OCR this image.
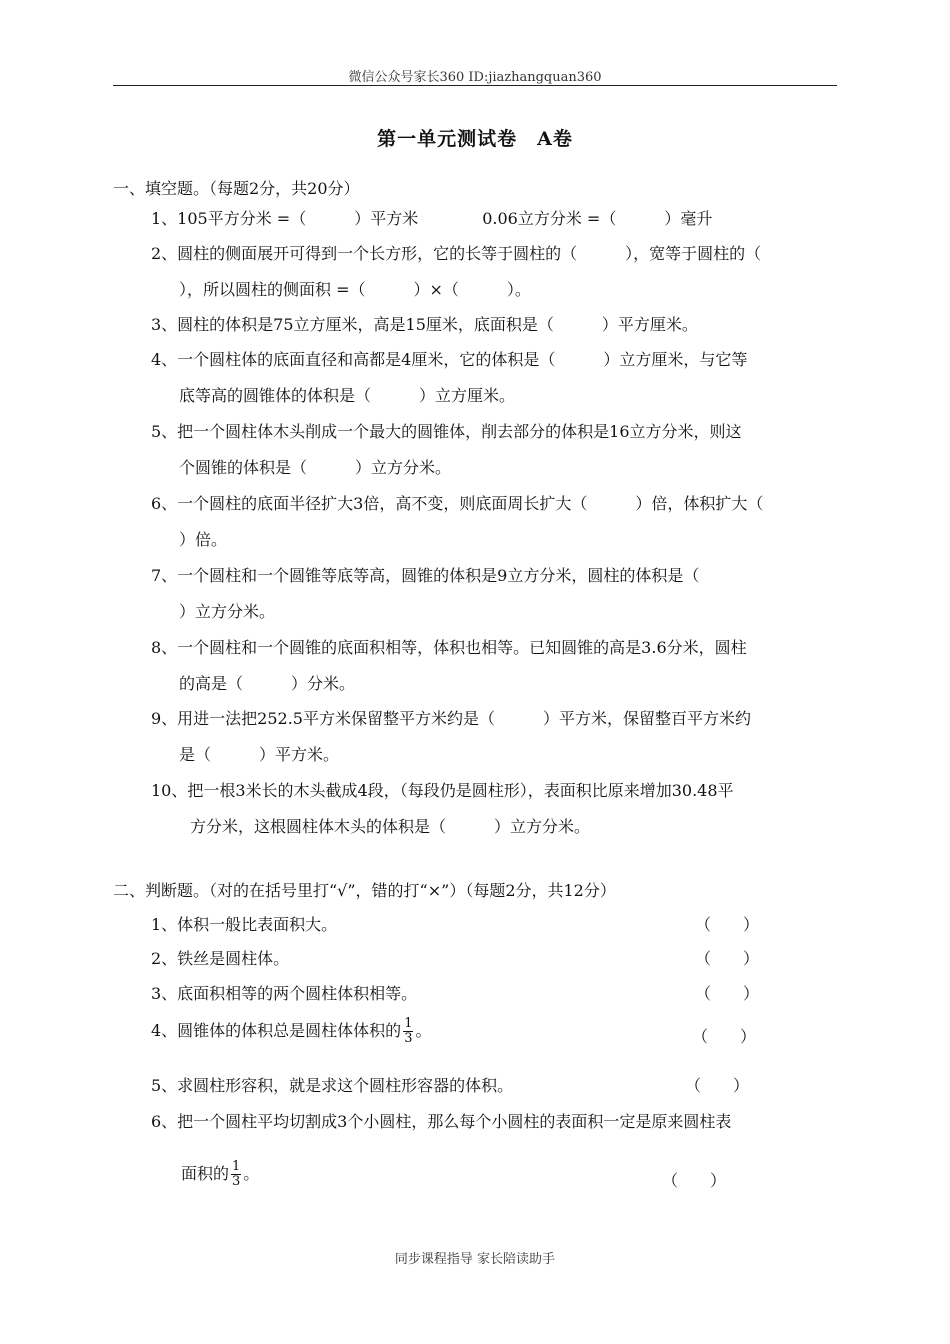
微信公众号家长360 ID:jiazhangquan360
第一单元测试卷　A卷
一、填空题。（每题2分，共20分）
1、105平方分米 =（　　　）平方米　　　　0.06立方分米 =（　　　）毫升
2、圆柱的侧面展开可得到一个长方形，它的长等于圆柱的（　　　），宽等于圆柱的（
），所以圆柱的侧面积 =（　　　）×（　　　）。
3、圆柱的体积是75立方厘米，高是15厘米，底面积是（　　　）平方厘米。
4、一个圆柱体的底面直径和高都是4厘米，它的体积是（　　　）立方厘米，与它等
底等高的圆锥体的体积是（　　　）立方厘米。
5、把一个圆柱体木头削成一个最大的圆锥体，削去部分的体积是16立方分米，则这
个圆锥的体积是（　　　）立方分米。
6、一个圆柱的底面半径扩大3倍，高不变，则底面周长扩大（　　　）倍，体积扩大（
）倍。
7、一个圆柱和一个圆锥等底等高，圆锥的体积是9立方分米，圆柱的体积是（
）立方分米。
8、一个圆柱和一个圆锥的底面积相等，体积也相等。已知圆锥的高是3.6分米，圆柱
的高是（　　　）分米。
9、用进一法把252.5平方米保留整平方米约是（　　　）平方米，保留整百平方米约
是（　　　）平方米。
10、把一根3米长的木头截成4段，（每段仍是圆柱形），表面积比原来增加30.48平
方分米，这根圆柱体木头的体积是（　　　）立方分米。
二、判断题。（对的在括号里打“√”，错的打“×”）（每题2分，共12分）
1、体积一般比表面积大。	（　　）
2、铁丝是圆柱体。	（　　）
3、底面积相等的两个圆柱体积相等。	（　　）
4、圆锥体的体积总是圆柱体体积的 $\frac{1}{3}$ 。	（　　）
5、求圆柱形容积，就是求这个圆柱形容器的体积。	（　　）
6、把一个圆柱平均切割成3个小圆柱，那么每个小圆柱的表面积一定是原来圆柱表
面积的 $\frac{1}{3}$ 。	（　　）
同步课程指导 家长陪读助手
